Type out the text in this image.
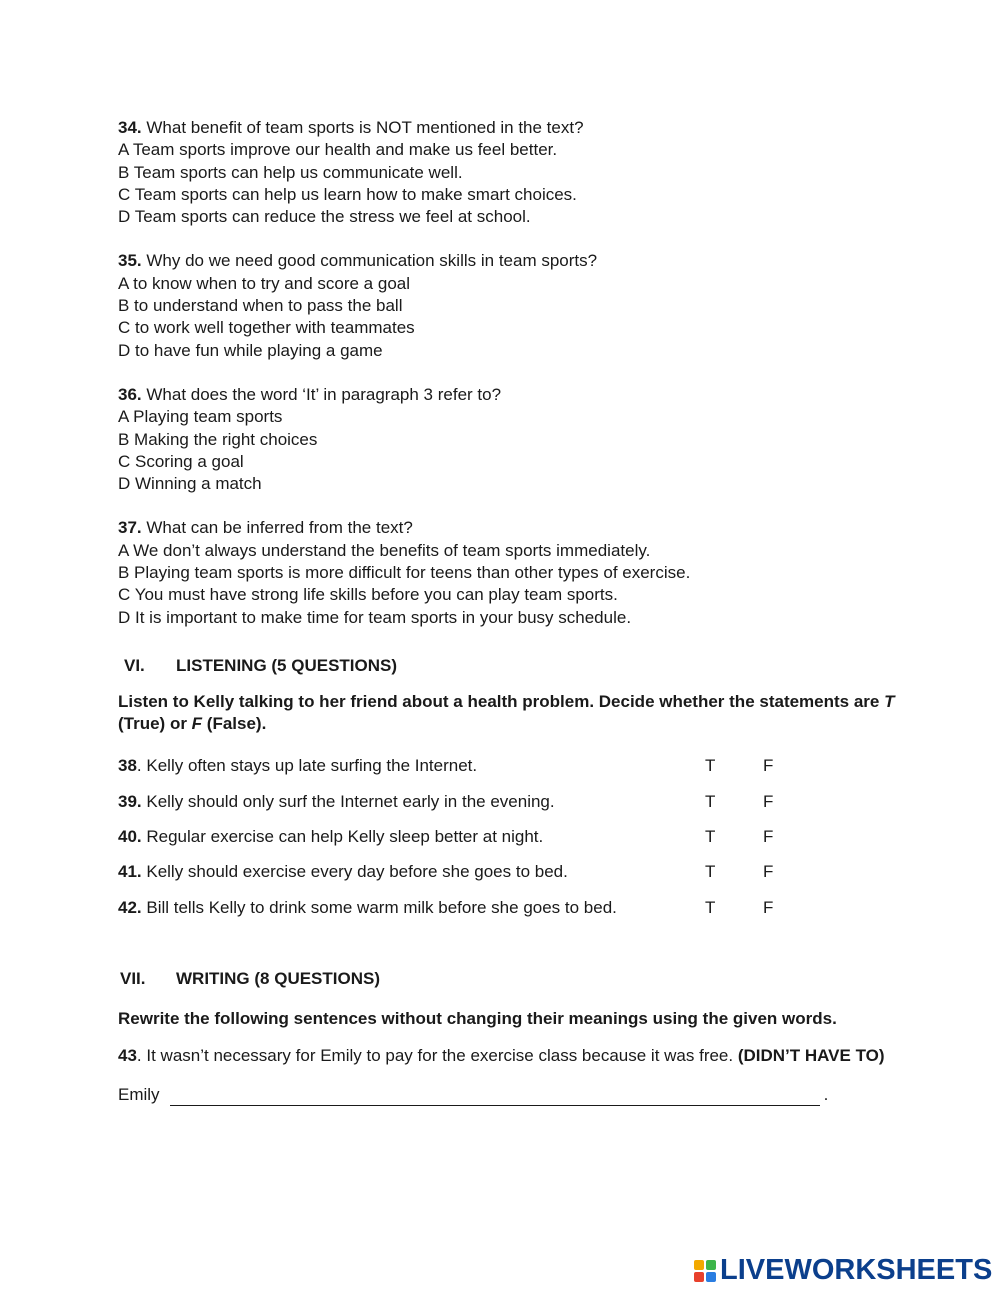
34. What benefit of team sports is NOT mentioned in the text?
A Team sports improve our health and make us feel better.
B Team sports can help us communicate well.
C Team sports can help us learn how to make smart choices.
D Team sports can reduce the stress we feel at school.
35. Why do we need good communication skills in team sports?
A to know when to try and score a goal
B to understand when to pass the ball
C to work well together with teammates
D to have fun while playing a game
36. What does the word ‘It’ in paragraph 3 refer to?
A Playing team sports
B Making the right choices
C Scoring a goal
D Winning a match
37. What can be inferred from the text?
A We don’t always understand the benefits of team sports immediately.
B Playing team sports is more difficult for teens than other types of exercise.
C You must have strong life skills before you can play team sports.
D It is important to make time for team sports in your busy schedule.
VI.	LISTENING (5 QUESTIONS)
Listen to Kelly talking to her friend about a health problem. Decide whether the statements are T (True) or F (False).
38. Kelly often stays up late surfing the Internet.	T	F
39. Kelly should only surf the Internet early in the evening.	T	F
40. Regular exercise can help Kelly sleep better at night.	T	F
41. Kelly should exercise every day before she goes to bed.	T	F
42. Bill tells Kelly to drink some warm milk before she goes to bed.	T	F
VII.	WRITING (8 QUESTIONS)
Rewrite the following sentences without changing their meanings using the given words.
43. It wasn’t necessary for Emily to pay for the exercise class because it was free. (DIDN’T HAVE TO)
Emily	.
LIVEWORKSHEETS
